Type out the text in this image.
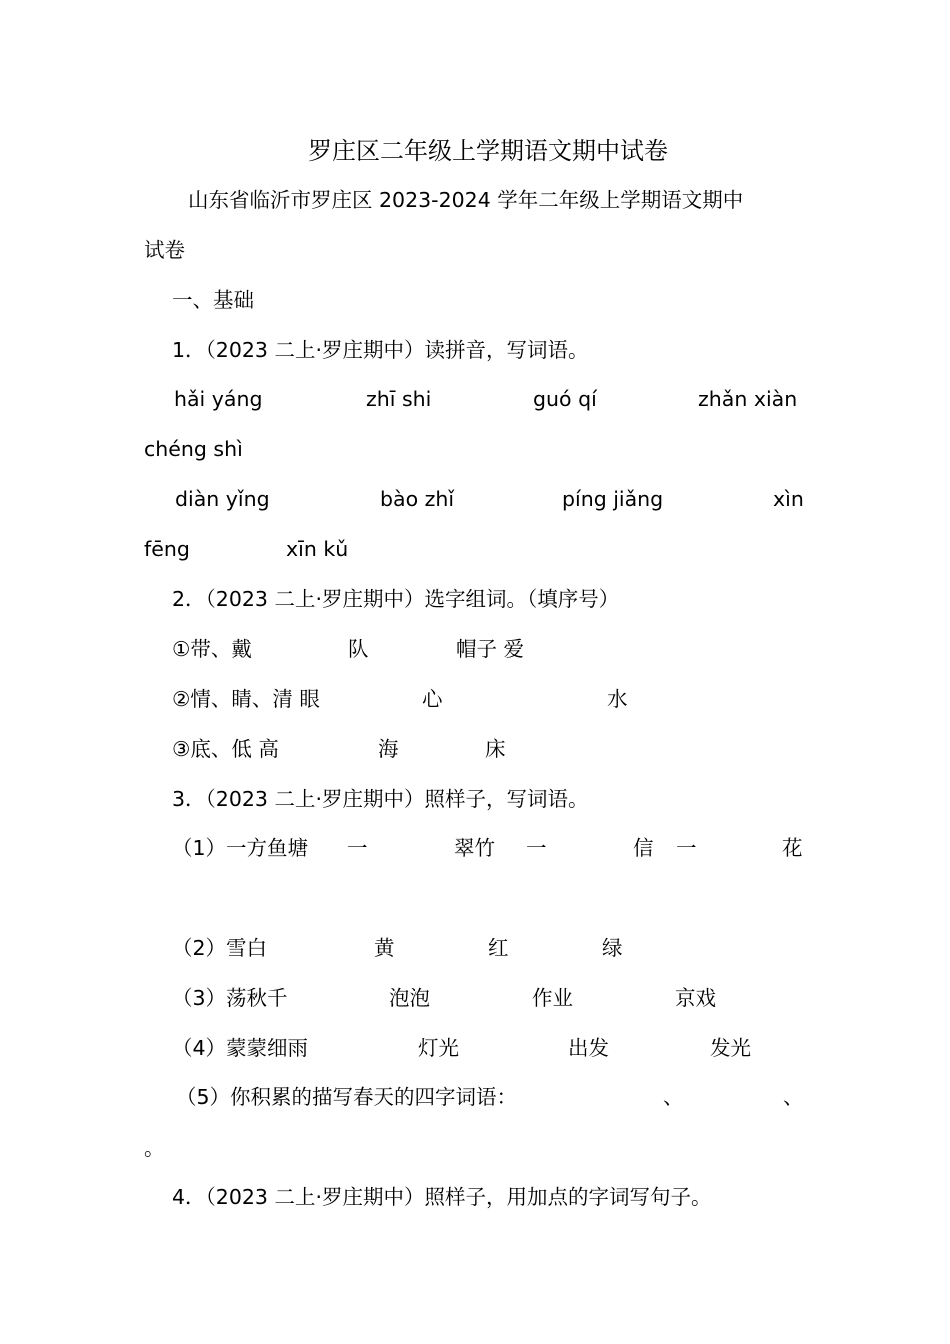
罗庄区二年级上学期语文期中试卷
山东省临沂市罗庄区 2023-2024 学年二年级上学期语文期中
试卷
一、基础
1．（2023 二上·罗庄期中）读拼音，写词语。
hǎi yáng	zhī shi	guó qí	zhǎn xiàn
chéng shì
diàn yǐng	bào zhǐ	píng jiǎng	xìn
fēng	xīn kǔ
2．（2023 二上·罗庄期中）选字组词。（填序号）
①带、戴	队	帽子 爱
②情、睛、清 眼	心	水
③底、低 高	海	床
3．（2023 二上·罗庄期中）照样子，写词语。
（1）一方鱼塘 一	翠竹 一	信 一	花
（2）雪白	黄	红	绿
（3）荡秋千	泡泡	作业	京戏
（4）蒙蒙细雨	灯光	出发	发光
（5）你积累的描写春天的四字词语：	、	、
。
4．（2023 二上·罗庄期中）照样子，用加点的字词写句子。
